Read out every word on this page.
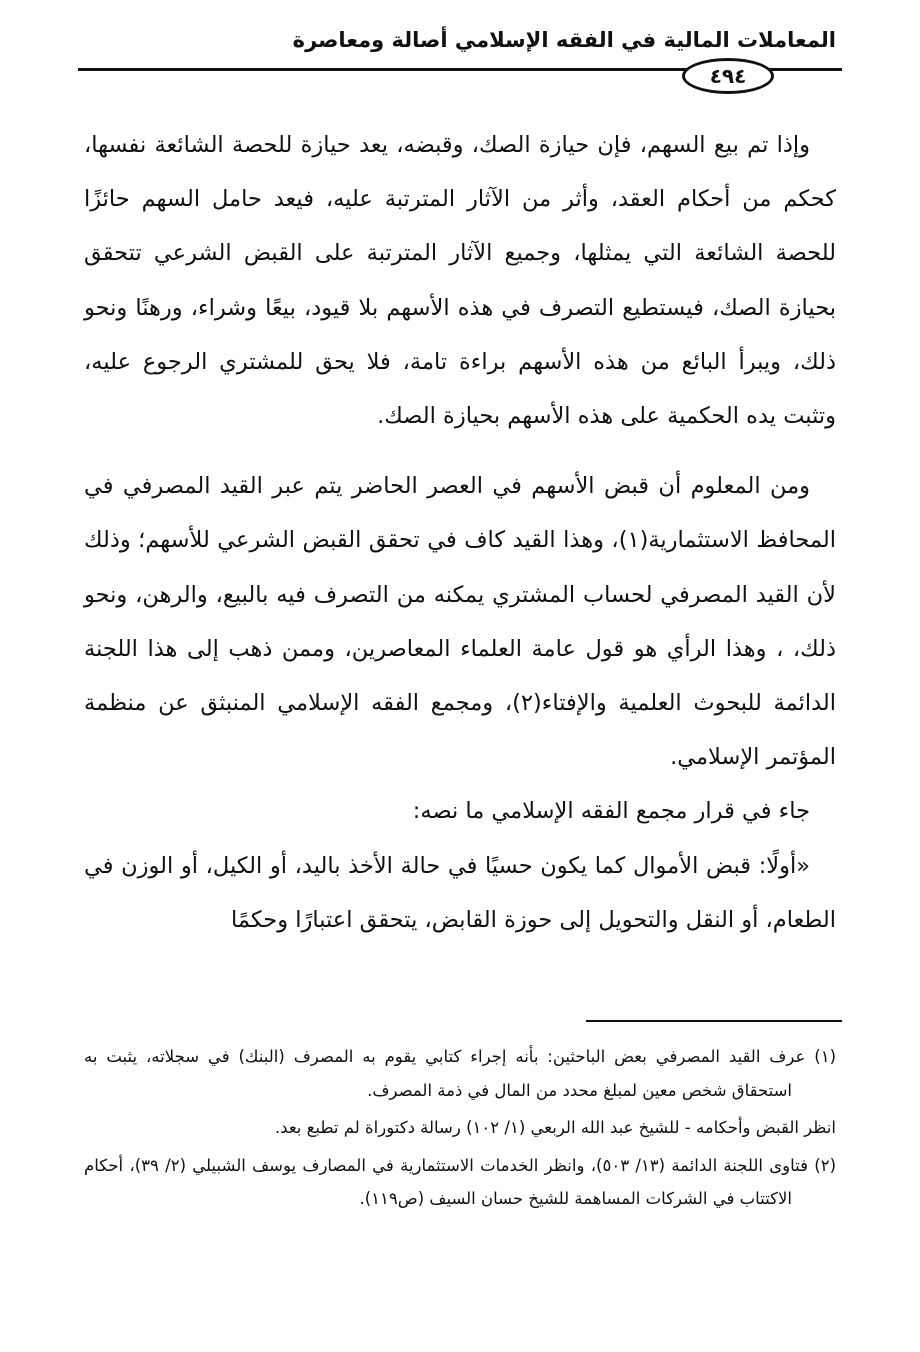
المعاملات المالية في الفقه الإسلامي أصالة ومعاصرة
٤٩٤

وإذا تم بيع السهم، فإن حيازة الصك، وقبضه، يعد حيازة للحصة الشائعة نفسها، كحكم من أحكام العقد، وأثر من الآثار المترتبة عليه، فيعد حامل السهم حائزًا للحصة الشائعة التي يمثلها، وجميع الآثار المترتبة على القبض الشرعي تتحقق بحيازة الصك، فيستطيع التصرف في هذه الأسهم بلا قيود، بيعًا وشراء، ورهنًا ونحو ذلك، ويبرأ البائع من هذه الأسهم براءة تامة، فلا يحق للمشتري الرجوع عليه، وتثبت يده الحكمية على هذه الأسهم بحيازة الصك.

ومن المعلوم أن قبض الأسهم في العصر الحاضر يتم عبر القيد المصرفي في المحافظ الاستثمارية(١)، وهذا القيد كاف في تحقق القبض الشرعي للأسهم؛ وذلك لأن القيد المصرفي لحساب المشتري يمكنه من التصرف فيه بالبيع، والرهن، ونحو ذلك، ، وهذا الرأي هو قول عامة العلماء المعاصرين، وممن ذهب إلى هذا اللجنة الدائمة للبحوث العلمية والإفتاء(٢)، ومجمع الفقه الإسلامي المنبثق عن منظمة المؤتمر الإسلامي.

جاء في قرار مجمع الفقه الإسلامي ما نصه:

«أولًا: قبض الأموال كما يكون حسيًا في حالة الأخذ باليد، أو الكيل، أو الوزن في الطعام، أو النقل والتحويل إلى حوزة القابض، يتحقق اعتبارًا وحكمًا

(١) عرف القيد المصرفي بعض الباحثين: بأنه إجراء كتابي يقوم به المصرف (البنك) في سجلاته، يثبت به استحقاق شخص معين لمبلغ محدد من المال في ذمة المصرف.

انظر القبض وأحكامه - للشيخ عبد الله الربعي (١/ ١٠٢) رسالة دكتوراة لم تطبع بعد.

(٢) فتاوى اللجنة الدائمة (١٣/ ٥٠٣)، وانظر الخدمات الاستثمارية في المصارف يوسف الشبيلي (٢/ ٣٩)، أحكام الاكتتاب في الشركات المساهمة للشيخ حسان السيف (ص١١٩).
